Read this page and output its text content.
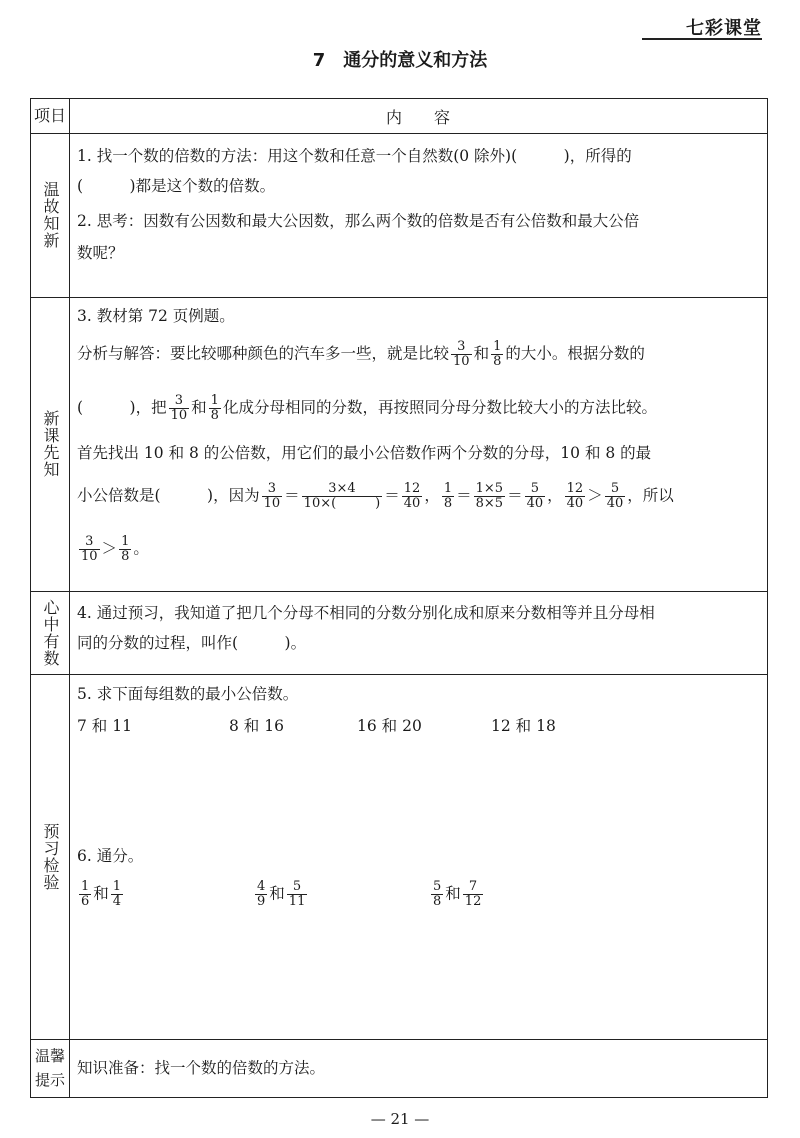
七彩课堂
7　通分的意义和方法
项日	内　　容
温故知新
1. 找一个数的倍数的方法：用这个数和任意一个自然数(0 除外)(　　　)，所得的
(　　　)都是这个数的倍数。
2. 思考：因数有公因数和最大公因数，那么两个数的倍数是否有公倍数和最大公倍
数呢？
新课先知
3. 教材第 72 页例题。
分析与解答：要比较哪种颜色的汽车多一些，就是比较 $\frac{3}{10}$ 和 $\frac{1}{8}$ 的大小。根据分数的
(　　　)，把 $\frac{3}{10}$ 和 $\frac{1}{8}$ 化成分母相同的分数，再按照同分母分数比较大小的方法比较。
首先找出 10 和 8 的公倍数，用它们的最小公倍数作两个分数的分母，10 和 8 的最
小公倍数是(　　　)，因为 $\frac{3}{10} = \frac{3\times 4}{10\times( )} = \frac{12}{40}$ ， $\frac{1}{8} = \frac{1\times 5}{8\times 5} = \frac{5}{40}$ ， $\frac{12}{40} > \frac{5}{40}$ ，所以
$\frac{3}{10} > \frac{1}{8}$ 。
心中有数 4. 通过预习，我知道了把几个分母不相同的分数分别化成和原来分数相等并且分母相
同的分数的过程，叫作(　　　)。
预习检验
5. 求下面每组数的最小公倍数。
7 和 11	8 和 16	16 和 20	12 和 18
6. 通分。
$\frac{1}{6}$ 和 $\frac{1}{4}$	$\frac{4}{9}$ 和 $\frac{5}{11}$	$\frac{5}{8}$ 和 $\frac{7}{12}$
温馨提示
知识准备：找一个数的倍数的方法。
— 21 —
